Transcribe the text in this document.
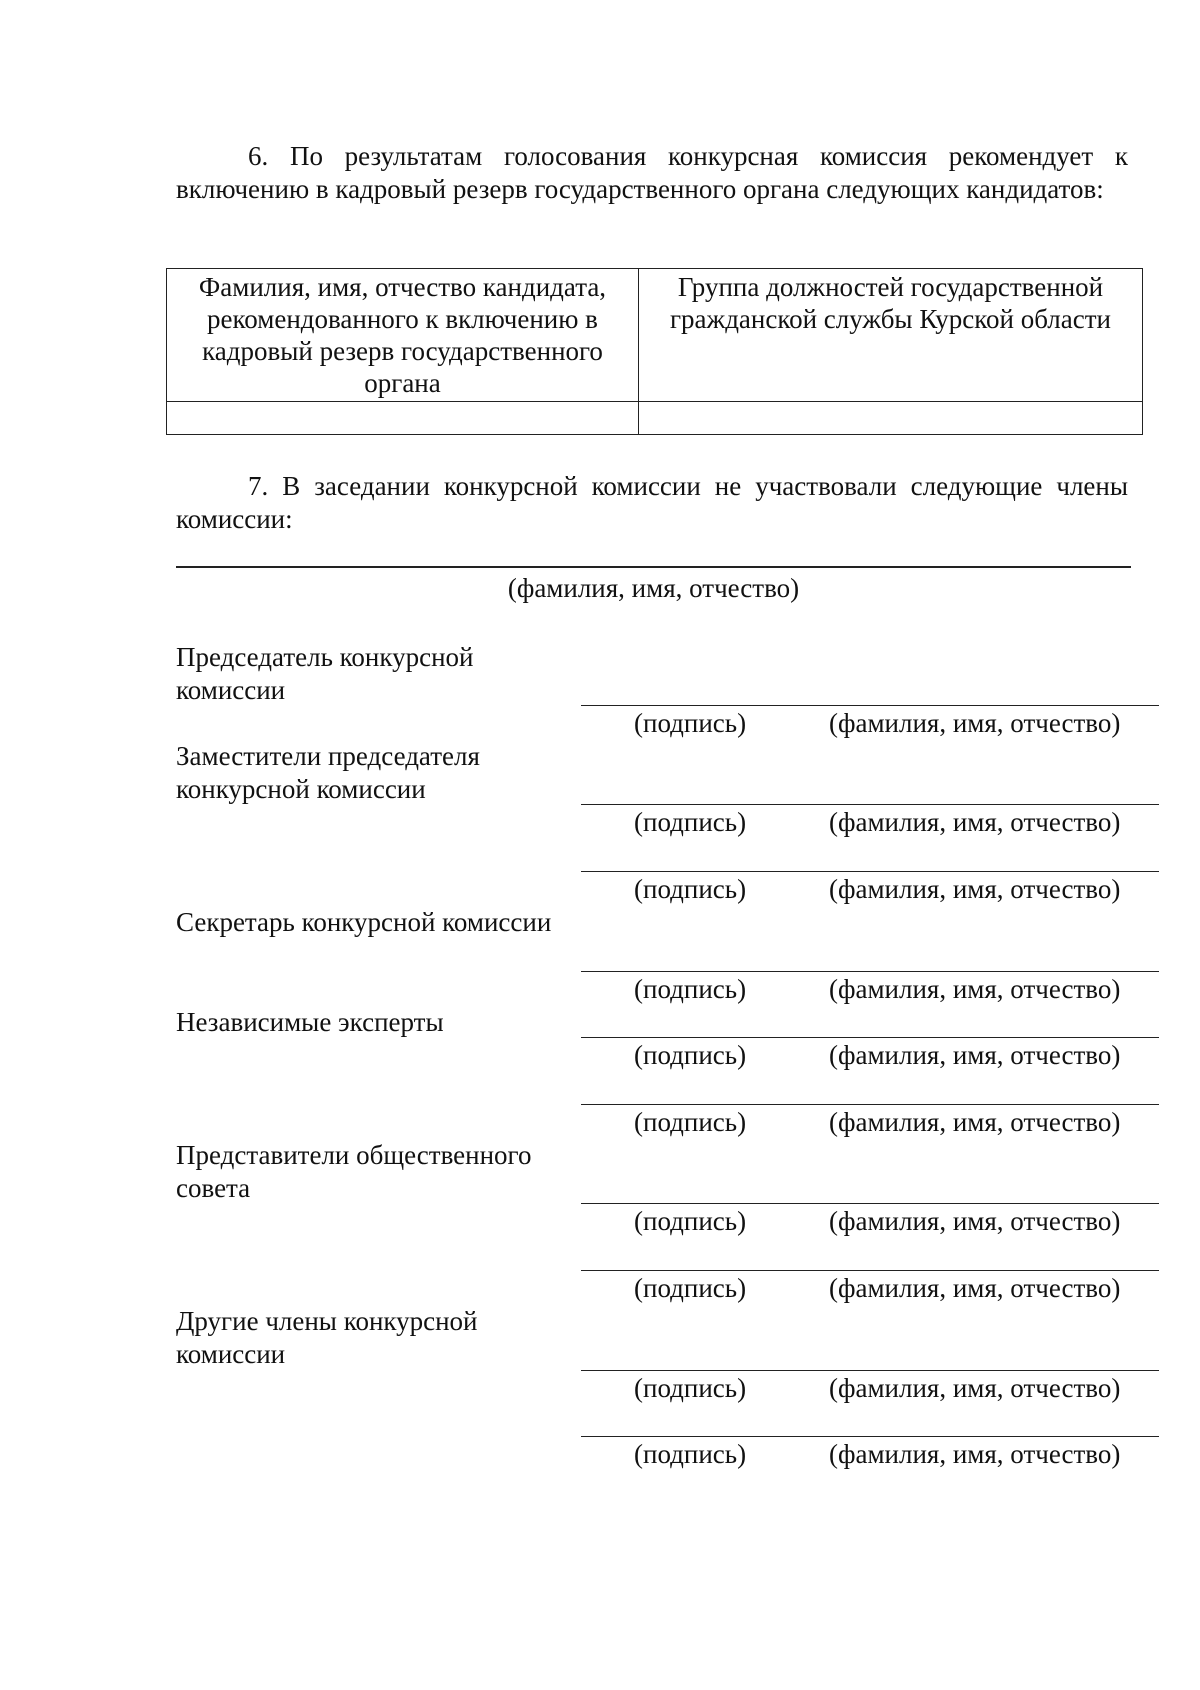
6. По результатам голосования конкурсная комиссия рекомендует к включению в кадровый резерв государственного органа следующих кандидатов:

Фамилия, имя, отчество кандидата, рекомендованного к включению в кадровый резерв государственного органа	Группа должностей государственной гражданской службы Курской области

7. В заседании конкурсной комиссии не участвовали следующие члены комиссии:

(фамилия, имя, отчество)
Председатель конкурсной комиссии
(подпись)	(фамилия, имя, отчество)
Заместители председателя конкурсной комиссии
(подпись)	(фамилия, имя, отчество)
(подпись)	(фамилия, имя, отчество)
Секретарь конкурсной комиссии
(подпись)	(фамилия, имя, отчество)
Независимые эксперты
(подпись)	(фамилия, имя, отчество)
(подпись)	(фамилия, имя, отчество)
Представители общественного совета
(подпись)	(фамилия, имя, отчество)
(подпись)	(фамилия, имя, отчество)
Другие члены конкурсной комиссии
(подпись)	(фамилия, имя, отчество)
(подпись)	(фамилия, имя, отчество)
